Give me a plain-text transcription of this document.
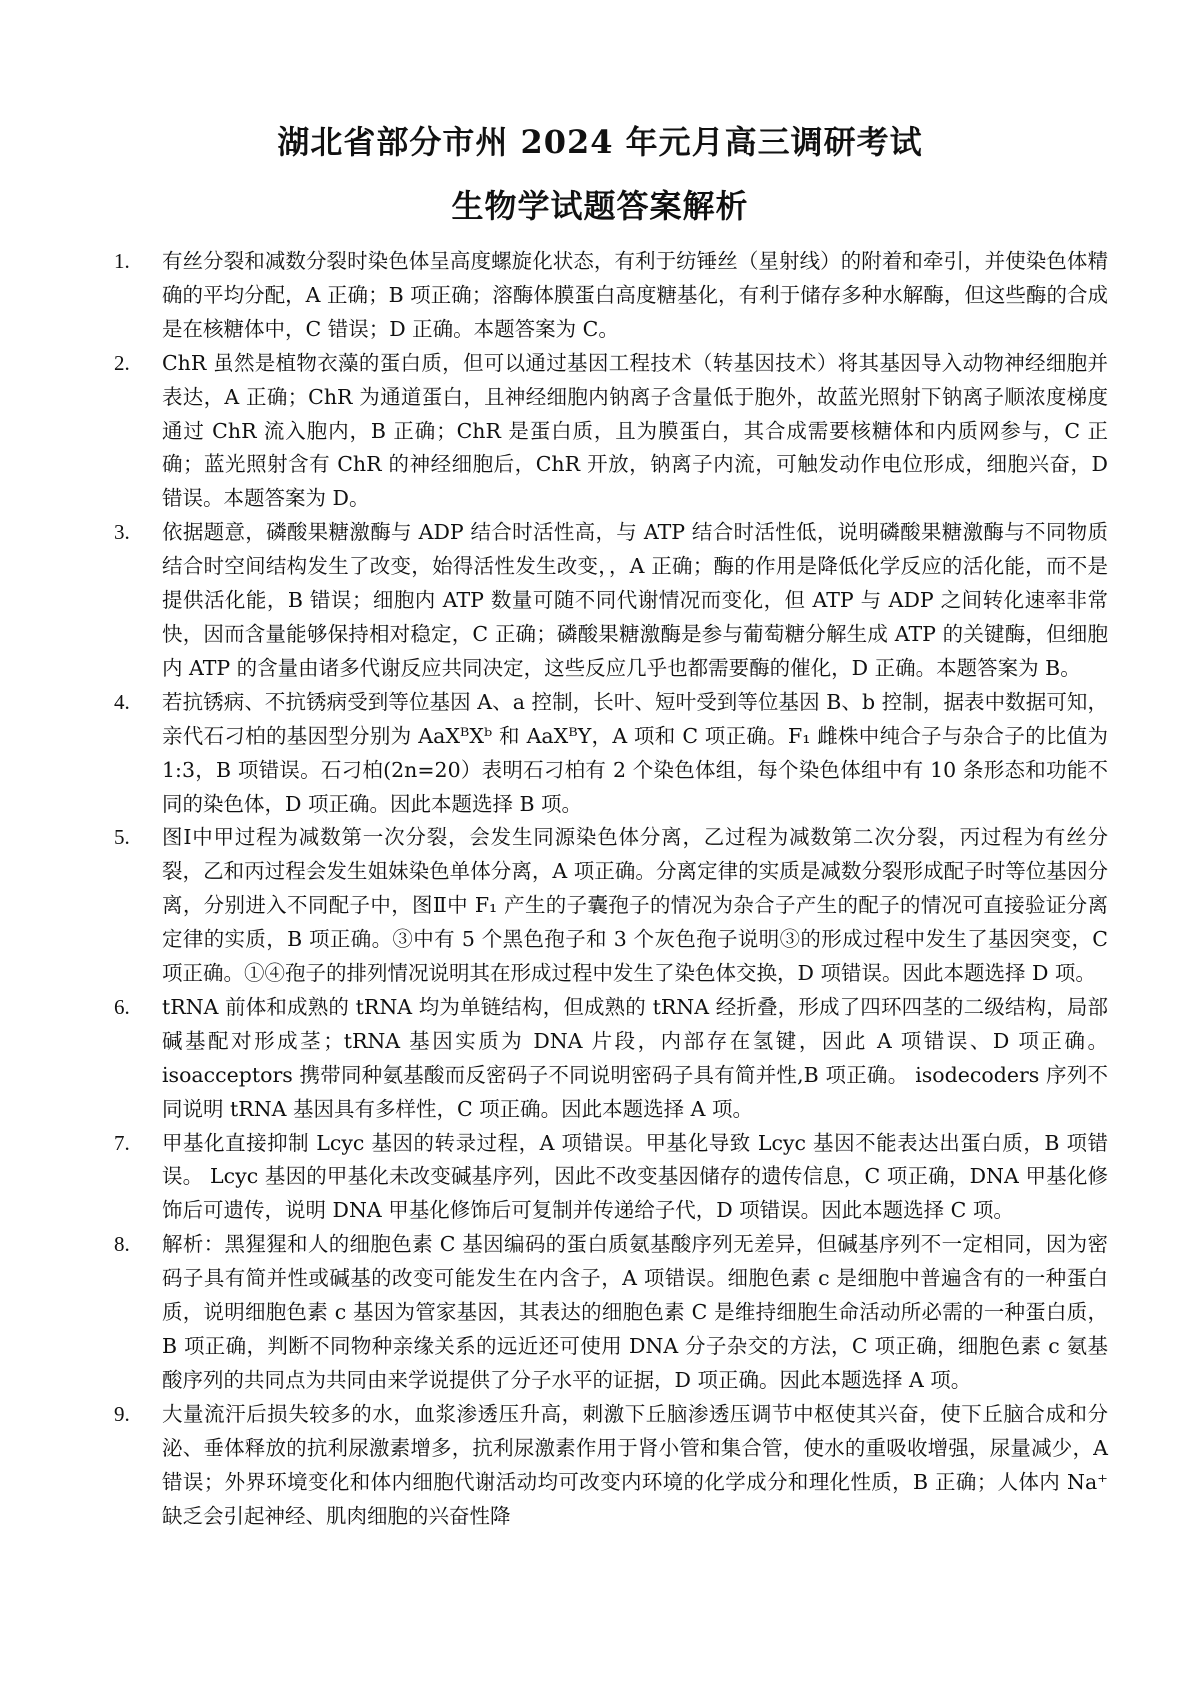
湖北省部分市州 2024 年元月高三调研考试
生物学试题答案解析
1. 有丝分裂和减数分裂时染色体呈高度螺旋化状态，有利于纺锤丝（星射线）的附着和牵引，并使染色体精确的平均分配，A 正确；B 项正确；溶酶体膜蛋白高度糖基化，有利于储存多种水解酶，但这些酶的合成是在核糖体中，C 错误；D 正确。本题答案为 C。
2. ChR 虽然是植物衣藻的蛋白质，但可以通过基因工程技术（转基因技术）将其基因导入动物神经细胞并表达，A 正确；ChR 为通道蛋白，且神经细胞内钠离子含量低于胞外，故蓝光照射下钠离子顺浓度梯度通过 ChR 流入胞内，B 正确；ChR 是蛋白质，且为膜蛋白，其合成需要核糖体和内质网参与，C 正确；蓝光照射含有 ChR 的神经细胞后，ChR 开放，钠离子内流，可触发动作电位形成，细胞兴奋，D 错误。本题答案为 D。
3. 依据题意，磷酸果糖激酶与 ADP 结合时活性高，与 ATP 结合时活性低，说明磷酸果糖激酶与不同物质结合时空间结构发生了改变，始得活性发生改变，，A 正确；酶的作用是降低化学反应的活化能，而不是提供活化能，B 错误；细胞内 ATP 数量可随不同代谢情况而变化，但 ATP 与 ADP 之间转化速率非常快，因而含量能够保持相对稳定，C 正确；磷酸果糖激酶是参与葡萄糖分解生成 ATP 的关键酶，但细胞内 ATP 的含量由诸多代谢反应共同决定，这些反应几乎也都需要酶的催化，D 正确。本题答案为 B。
4. 若抗锈病、不抗锈病受到等位基因 A、a 控制，长叶、短叶受到等位基因 B、b 控制，据表中数据可知，亲代石刁柏的基因型分别为 AaXᴮXᵇ 和 AaXᴮY，A 项和 C 项正确。F₁ 雌株中纯合子与杂合子的比值为 1:3，B 项错误。石刁柏(2n=20）表明石刁柏有 2 个染色体组，每个染色体组中有 10 条形态和功能不同的染色体，D 项正确。因此本题选择 B 项。
5. 图Ⅰ中甲过程为减数第一次分裂，会发生同源染色体分离，乙过程为减数第二次分裂，丙过程为有丝分裂，乙和丙过程会发生姐妹染色单体分离，A 项正确。分离定律的实质是减数分裂形成配子时等位基因分离，分别进入不同配子中，图Ⅱ中 F₁ 产生的子囊孢子的情况为杂合子产生的配子的情况可直接验证分离定律的实质，B 项正确。③中有 5 个黑色孢子和 3 个灰色孢子说明③的形成过程中发生了基因突变，C 项正确。①④孢子的排列情况说明其在形成过程中发生了染色体交换，D 项错误。因此本题选择 D 项。
6. tRNA 前体和成熟的 tRNA 均为单链结构，但成熟的 tRNA 经折叠，形成了四环四茎的二级结构，局部碱基配对形成茎；tRNA 基因实质为 DNA 片段，内部存在氢键，因此 A 项错误、D 项正确。isoacceptors 携带同种氨基酸而反密码子不同说明密码子具有简并性,B 项正确。 isodecoders 序列不同说明 tRNA 基因具有多样性，C 项正确。因此本题选择 A 项。
7. 甲基化直接抑制 Lcyc 基因的转录过程，A 项错误。甲基化导致 Lcyc 基因不能表达出蛋白质，B 项错误。 Lcyc 基因的甲基化未改变碱基序列，因此不改变基因储存的遗传信息，C 项正确，DNA 甲基化修饰后可遗传，说明 DNA 甲基化修饰后可复制并传递给子代，D 项错误。因此本题选择 C 项。
8. 解析：黑猩猩和人的细胞色素 C 基因编码的蛋白质氨基酸序列无差异，但碱基序列不一定相同，因为密码子具有简并性或碱基的改变可能发生在内含子，A 项错误。细胞色素 c 是细胞中普遍含有的一种蛋白质，说明细胞色素 c 基因为管家基因，其表达的细胞色素 C 是维持细胞生命活动所必需的一种蛋白质，B 项正确，判断不同物种亲缘关系的远近还可使用 DNA 分子杂交的方法，C 项正确，细胞色素 c 氨基酸序列的共同点为共同由来学说提供了分子水平的证据，D 项正确。因此本题选择 A 项。
9. 大量流汗后损失较多的水，血浆渗透压升高，刺激下丘脑渗透压调节中枢使其兴奋，使下丘脑合成和分泌、垂体释放的抗利尿激素增多，抗利尿激素作用于肾小管和集合管，使水的重吸收增强，尿量减少，A 错误；外界环境变化和体内细胞代谢活动均可改变内环境的化学成分和理化性质，B 正确；人体内 Na⁺缺乏会引起神经、肌肉细胞的兴奋性降
